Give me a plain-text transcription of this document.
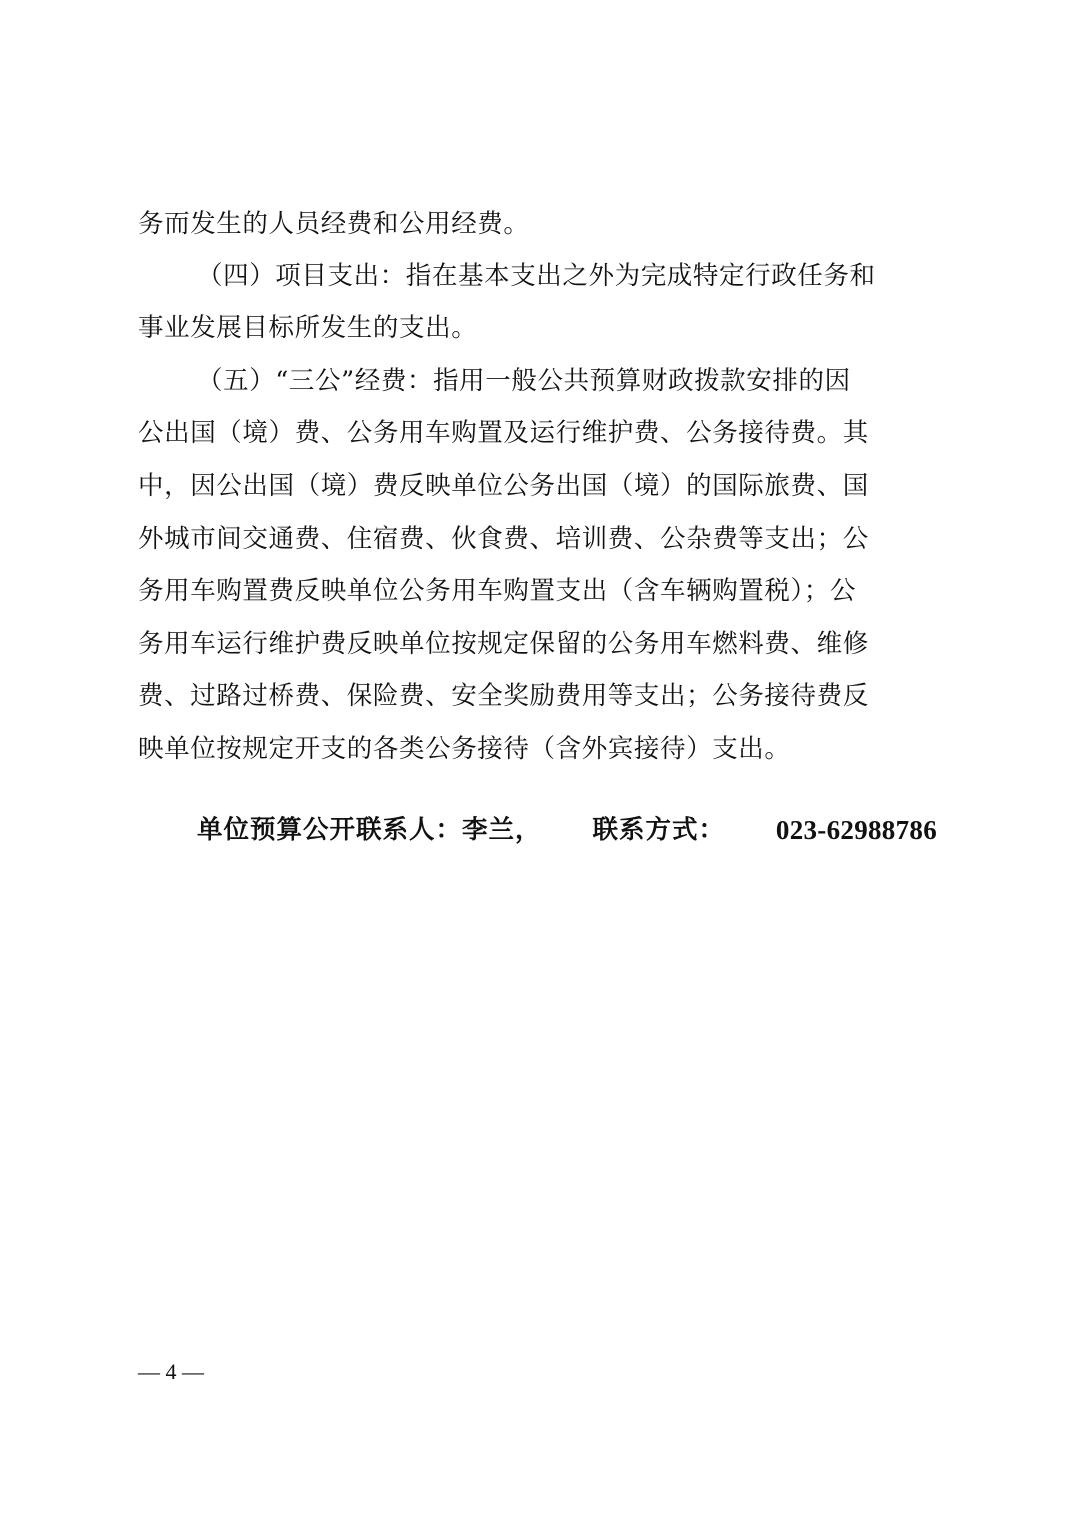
务而发生的人员经费和公用经费。
（四）项目支出：指在基本支出之外为完成特定行政任务和
事业发展目标所发生的支出。
（五）“三公”经费：指用一般公共预算财政拨款安排的因
公出国（境）费、公务用车购置及运行维护费、公务接待费。其
中，因公出国（境）费反映单位公务出国（境）的国际旅费、国
外城市间交通费、住宿费、伙食费、培训费、公杂费等支出；公
务用车购置费反映单位公务用车购置支出（含车辆购置税）；公
务用车运行维护费反映单位按规定保留的公务用车燃料费、维修
费、过路过桥费、保险费、安全奖励费用等支出；公务接待费反
映单位按规定开支的各类公务接待（含外宾接待）支出。
单位预算公开联系人：李兰， 联系方式： 023-62988786
— 4 —
